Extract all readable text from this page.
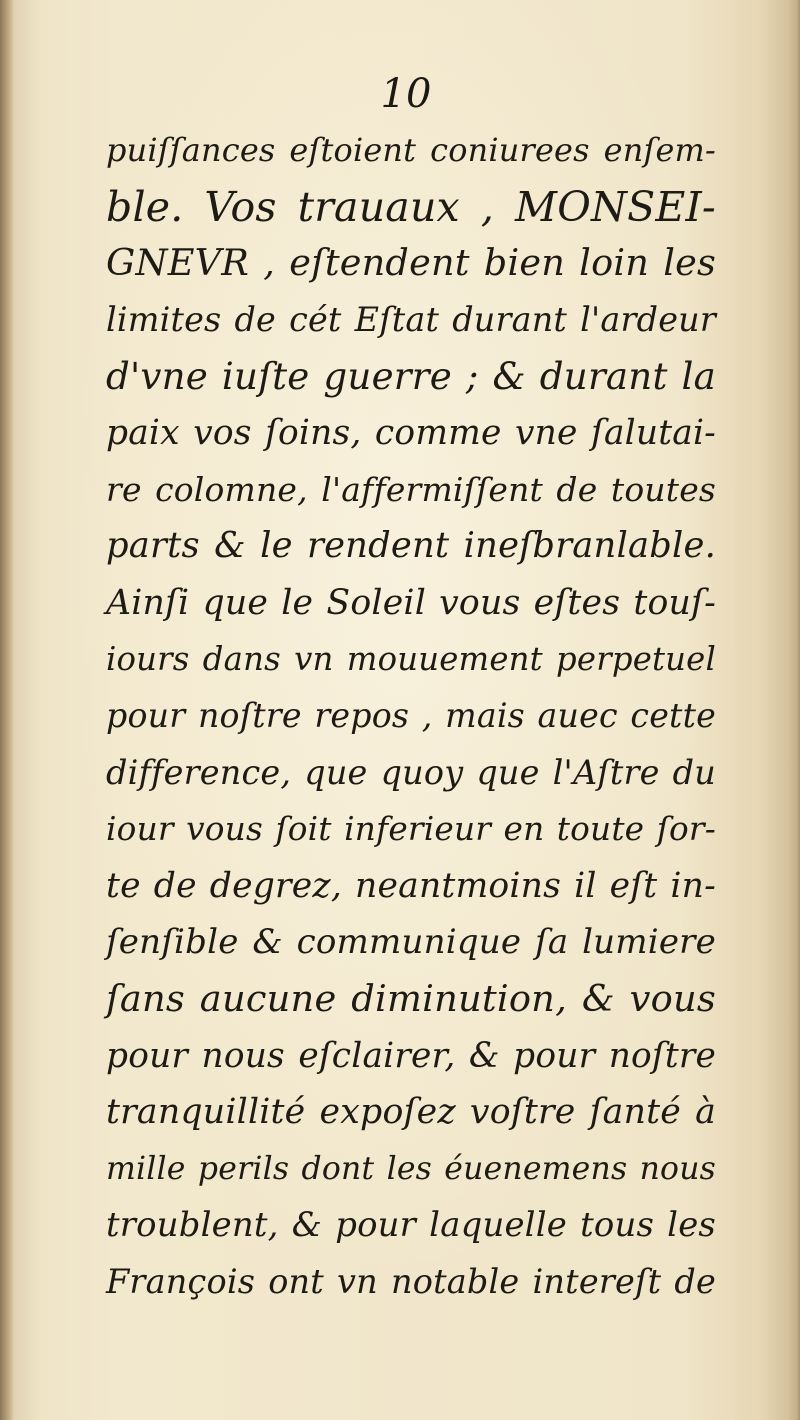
10
puiſſances eſtoient coniurees enſem-
ble. Vos trauaux , MONSEI-
GNEVR , eſtendent bien loin les
limites de cét Eſtat durant l'ardeur
d'vne iuſte guerre ; & durant la
paix vos ſoins, comme vne ſalutai-
re colomne, l'affermiſſent de toutes
parts & le rendent ineſbranlable.
Ainſi que le Soleil vous eſtes touſ-
iours dans vn mouuement perpetuel
pour noſtre repos , mais auec cette
difference, que quoy que l'Aſtre du
iour vous ſoit inferieur en toute ſor-
te de degrez, neantmoins il eſt in-
ſenſible & communique ſa lumiere
ſans aucune diminution, & vous
pour nous eſclairer, & pour noſtre
tranquillité expoſez voſtre ſanté à
mille perils dont les éuenemens nous
troublent, & pour laquelle tous les
François ont vn notable intereſt de
